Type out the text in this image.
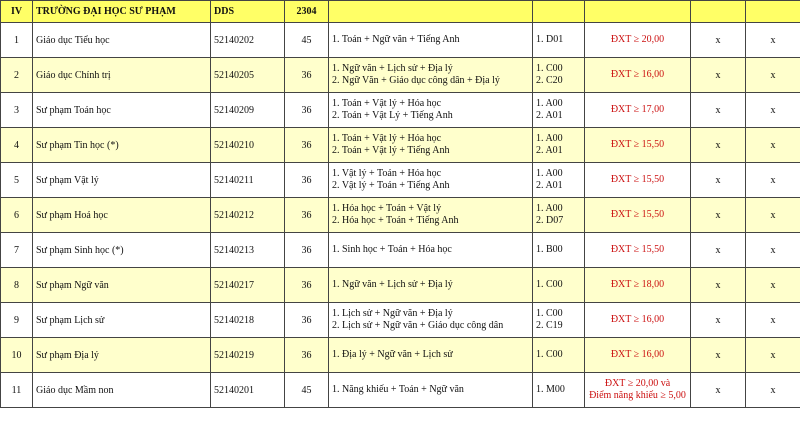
IV	TRƯỜNG ĐẠI HỌC SƯ PHẠM	DDS	2304					
1	Giáo dục Tiểu học	52140202	45	1. Toán + Ngữ văn + Tiếng Anh	1. D01	ĐXT ≥ 20,00	x	x
2	Giáo dục Chính trị	52140205	36	1. Ngữ văn + Lịch sử + Địa lý
2. Ngữ Văn + Giáo dục công dân + Địa lý	1. C00
2. C20	ĐXT ≥ 16,00	x	x
3	Sư phạm Toán học	52140209	36	1. Toán + Vật lý + Hóa học
2. Toán + Vật Lý + Tiếng Anh	1. A00
2. A01	ĐXT ≥ 17,00	x	x
4	Sư phạm Tin học (*)	52140210	36	1. Toán + Vật lý + Hóa học
2. Toán + Vật lý + Tiếng Anh	1. A00
2. A01	ĐXT ≥ 15,50	x	x
5	Sư phạm Vật lý	52140211	36	1. Vật lý + Toán + Hóa học
2. Vật lý + Toán + Tiếng Anh	1. A00
2. A01	ĐXT ≥ 15,50	x	x
6	Sư phạm Hoá học	52140212	36	1. Hóa học + Toán + Vật lý
2. Hóa học + Toán + Tiếng Anh	1. A00
2. D07	ĐXT ≥ 15,50	x	x
7	Sư phạm Sinh học (*)	52140213	36	1. Sinh học + Toán + Hóa học	1. B00	ĐXT ≥ 15,50	x	x
8	Sư phạm Ngữ văn	52140217	36	1. Ngữ văn + Lịch sử + Địa lý	1. C00	ĐXT ≥ 18,00	x	x
9	Sư phạm Lịch sử	52140218	36	1. Lịch sử + Ngữ văn + Địa lý
2. Lịch sử + Ngữ văn + Giáo dục công dân	1. C00
2. C19	ĐXT ≥ 16,00	x	x
10	Sư phạm Địa lý	52140219	36	1. Địa lý + Ngữ văn + Lịch sử	1. C00	ĐXT ≥ 16,00	x	x
11	Giáo dục Mầm non	52140201	45	1. Năng khiếu + Toán + Ngữ văn	1. M00	ĐXT ≥ 20,00 và
Điểm năng khiếu ≥ 5,00	x	x
